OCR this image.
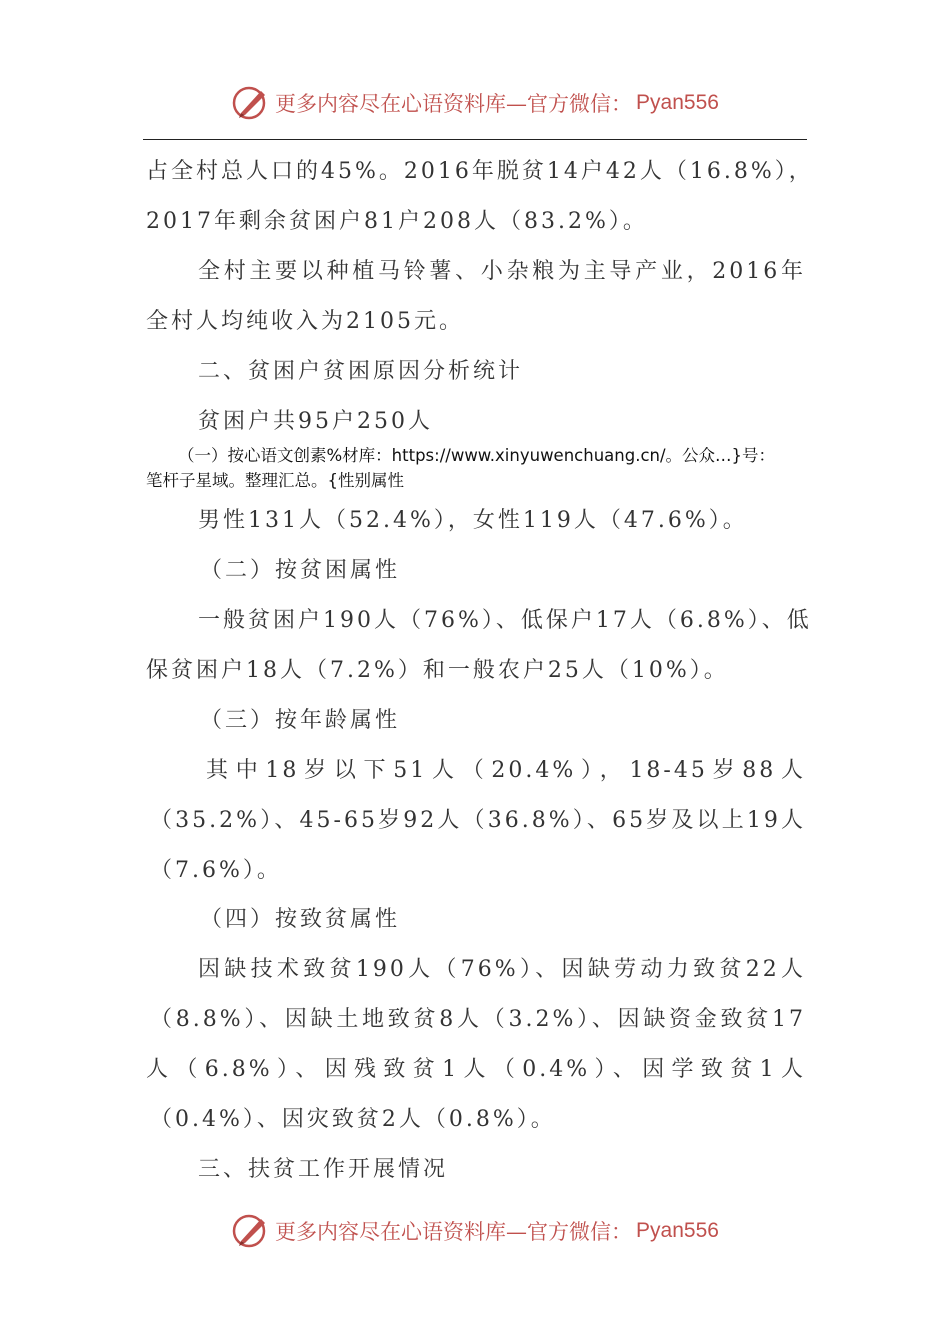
更多内容尽在心语资料库—官方微信： Pyan556
占全村总人口的45%。2016年脱贫14户42人（16.8%），
2017年剩余贫困户81户208人（83.2%）。
全村主要以种植马铃薯、小杂粮为主导产业，2016年
全村人均纯收入为2105元。
二、贫困户贫困原因分析统计
贫困户共95户250人
（一）按心语文创素%材库：https://www.xinyuwenchuang.cn/。公众…}号：
笔杆子星域。整理汇总。{性别属性
男性131人（52.4%），女性119人（47.6%）。
（二）按贫困属性
一般贫困户190人（76%）、低保户17人（6.8%）、低
保贫困户18人（7.2%）和一般农户25人（10%）。
（三）按年龄属性
其中18岁以下51人（20.4%），18-45岁88人
（35.2%）、45-65岁92人（36.8%）、65岁及以上19人
（7.6%）。
（四）按致贫属性
因缺技术致贫190人（76%）、因缺劳动力致贫22人
（8.8%）、因缺土地致贫8人（3.2%）、因缺资金致贫17
人（6.8%）、因残致贫1人（0.4%）、因学致贫1人
（0.4%）、因灾致贫2人（0.8%）。
三、扶贫工作开展情况
更多内容尽在心语资料库—官方微信： Pyan556
